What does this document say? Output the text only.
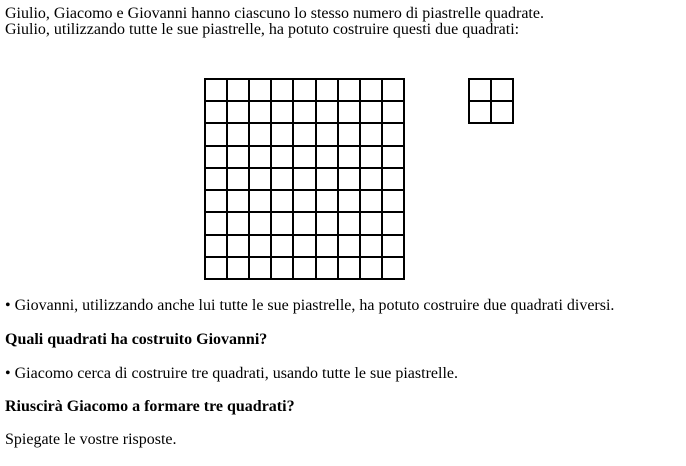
Giulio, Giacomo e Giovanni hanno ciascuno lo stesso numero di piastrelle quadrate.
Giulio, utilizzando tutte le sue piastrelle, ha potuto costruire questi due quadrati:
• Giovanni, utilizzando anche lui tutte le sue piastrelle, ha potuto costruire due quadrati diversi.
Quali quadrati ha costruito Giovanni?
• Giacomo cerca di costruire tre quadrati, usando tutte le sue piastrelle.
Riuscirà Giacomo a formare tre quadrati?
Spiegate le vostre risposte.
